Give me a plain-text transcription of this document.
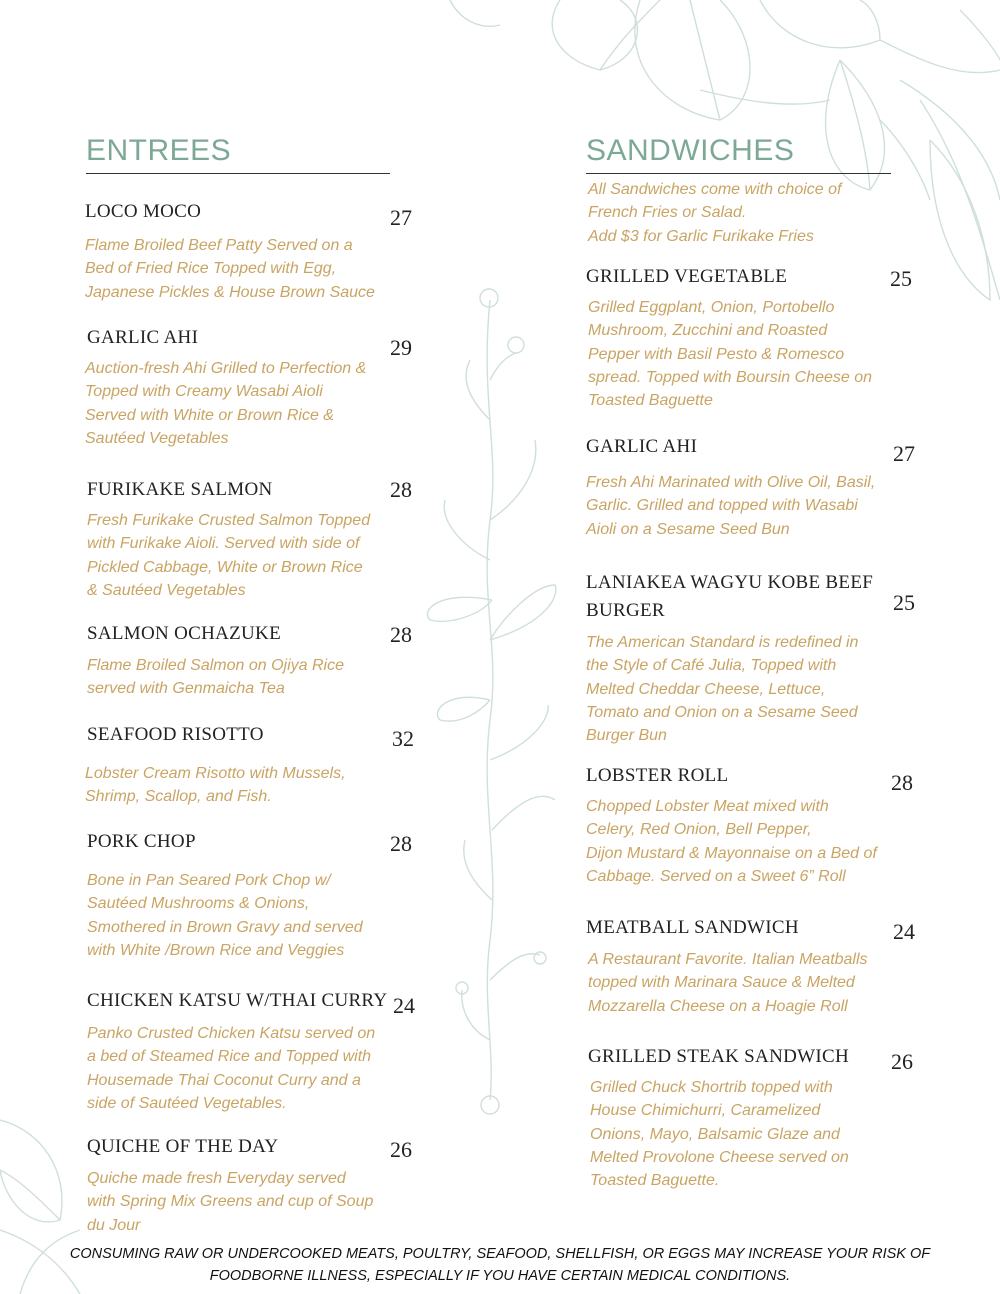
ENTREES
LOCO MOCO	27
Flame Broiled Beef Patty Served on a
Bed of Fried Rice Topped with Egg,
Japanese Pickles & House Brown Sauce
GARLIC AHI	29
Auction-fresh Ahi Grilled to Perfection &
Topped with Creamy Wasabi Aioli
Served with White or Brown Rice &
Sautéed Vegetables
FURIKAKE SALMON	28
Fresh Furikake Crusted Salmon Topped
with Furikake Aioli. Served with side of
Pickled Cabbage, White or Brown Rice
& Sautéed Vegetables
SALMON OCHAZUKE	28
Flame Broiled Salmon on Ojiya Rice
served with Genmaicha Tea
SEAFOOD RISOTTO	32
Lobster Cream Risotto with Mussels,
Shrimp, Scallop, and Fish.
PORK CHOP	28
Bone in Pan Seared Pork Chop w/
Sautéed Mushrooms & Onions,
Smothered in Brown Gravy and served
with White /Brown Rice and Veggies
CHICKEN KATSU W/THAI CURRY 24
Panko Crusted Chicken Katsu served on
a bed of Steamed Rice and Topped with
Housemade Thai Coconut Curry and a
side of Sautéed Vegetables.
QUICHE OF THE DAY	26
Quiche made fresh Everyday served
with Spring Mix Greens and cup of Soup
du Jour
SANDWICHES
All Sandwiches come with choice of
French Fries or Salad.
Add $3 for Garlic Furikake Fries
GRILLED VEGETABLE	25
Grilled Eggplant, Onion, Portobello
Mushroom, Zucchini and Roasted
Pepper with Basil Pesto & Romesco
spread. Topped with Boursin Cheese on
Toasted Baguette
GARLIC AHI	27
Fresh Ahi Marinated with Olive Oil, Basil,
Garlic. Grilled and topped with Wasabi
Aioli on a Sesame Seed Bun
LANIAKEA WAGYU KOBE BEEF
BURGER	25
The American Standard is redefined in
the Style of Café Julia, Topped with
Melted Cheddar Cheese, Lettuce,
Tomato and Onion on a Sesame Seed
Burger Bun
LOBSTER ROLL	28
Chopped Lobster Meat mixed with
Celery, Red Onion, Bell Pepper,
Dijon Mustard & Mayonnaise on a Bed of
Cabbage. Served on a Sweet 6” Roll
MEATBALL SANDWICH	24
A Restaurant Favorite. Italian Meatballs
topped with Marinara Sauce & Melted
Mozzarella Cheese on a Hoagie Roll
GRILLED STEAK SANDWICH 26
Grilled Chuck Shortrib topped with
House Chimichurri, Caramelized
Onions, Mayo, Balsamic Glaze and
Melted Provolone Cheese served on
Toasted Baguette.
CONSUMING RAW OR UNDERCOOKED MEATS, POULTRY, SEAFOOD, SHELLFISH, OR EGGS MAY INCREASE YOUR RISK OF
FOODBORNE ILLNESS, ESPECIALLY IF YOU HAVE CERTAIN MEDICAL CONDITIONS.
